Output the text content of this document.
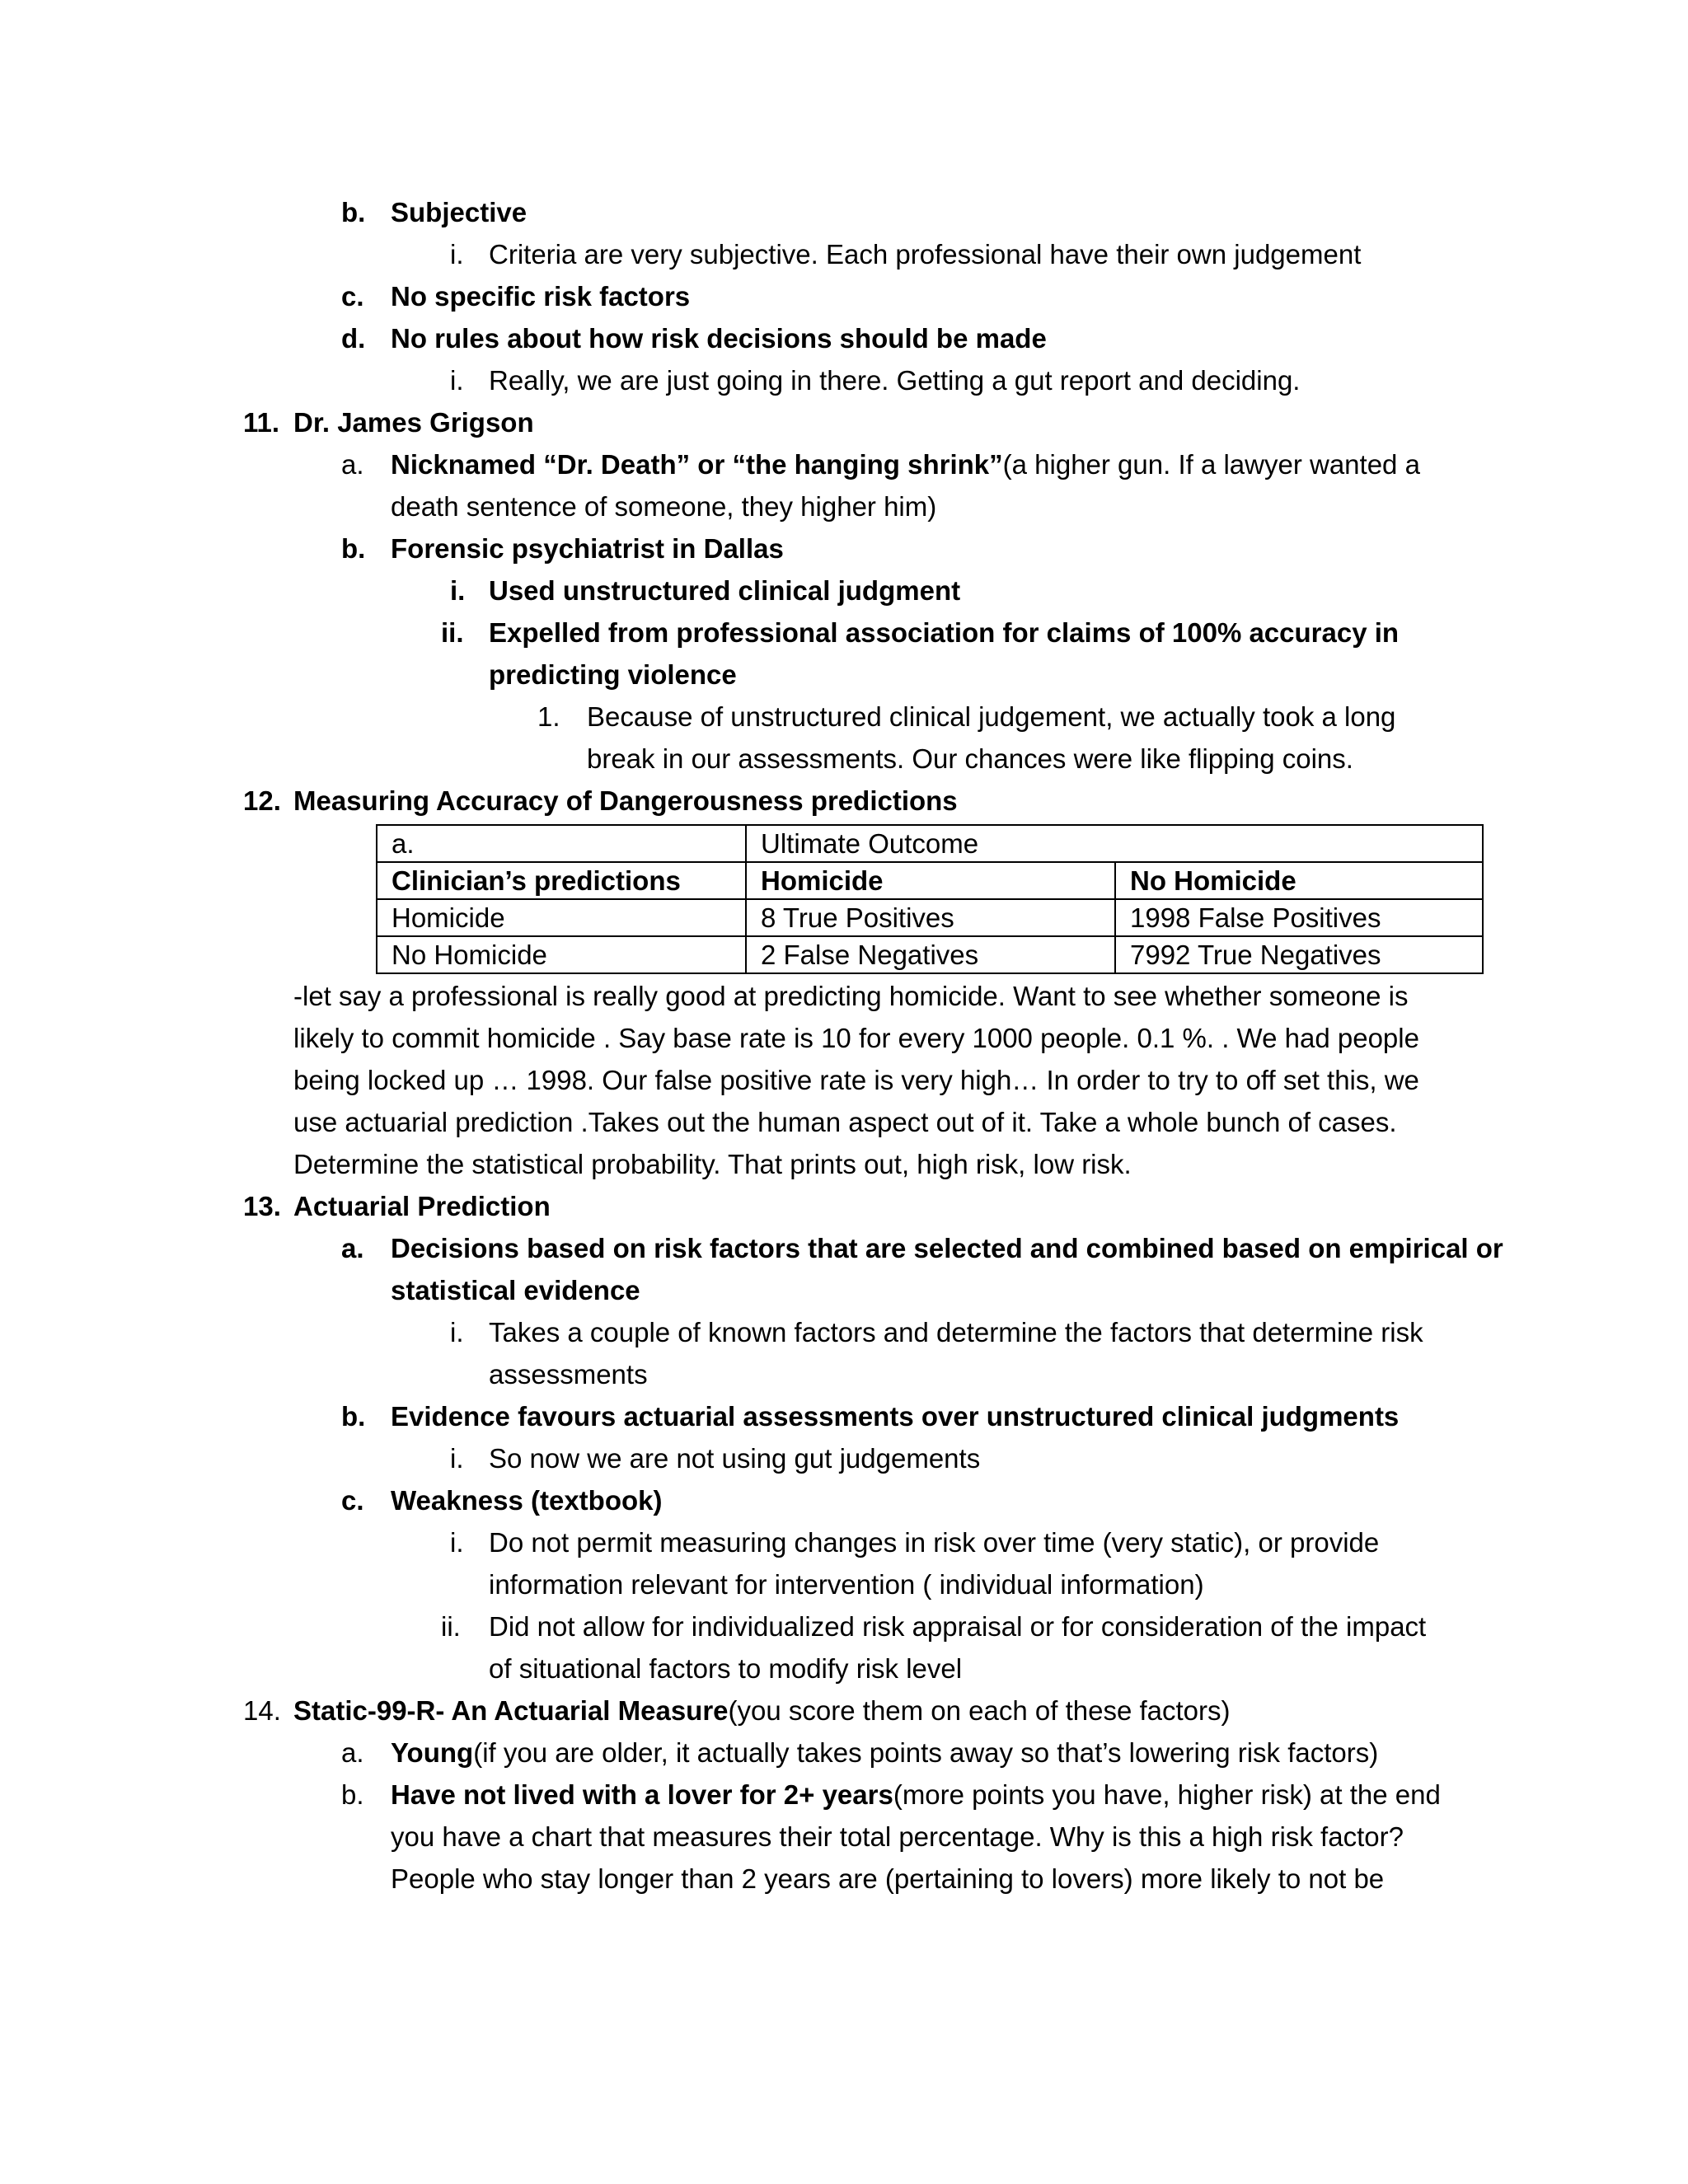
b. Subjective
i. Criteria are very subjective. Each professional have their own judgement
c. No specific risk factors
d. No rules about how risk decisions should be made
i. Really, we are just going in there. Getting a gut report and deciding.
11. Dr. James Grigson
a. Nicknamed “Dr. Death” or “the hanging shrink”(a higher gun. If a lawyer wanted a
death sentence of someone, they higher him)
b. Forensic psychiatrist in Dallas
i. Used unstructured clinical judgment
ii. Expelled from professional association for claims of 100% accuracy in
predicting violence
1. Because of unstructured clinical judgement, we actually took a long
break in our assessments. Our chances were like flipping coins.
12. Measuring Accuracy of Dangerousness predictions
a.	Ultimate Outcome	
Clinician’s predictions	Homicide	No Homicide
Homicide	8 True Positives	1998 False Positives
No Homicide	2 False Negatives	7992 True Negatives
-let say a professional is really good at predicting homicide. Want to see whether someone is
likely to commit homicide . Say base rate is 10 for every 1000 people. 0.1 %. . We had people
being locked up … 1998. Our false positive rate is very high… In order to try to off set this, we
use actuarial prediction .Takes out the human aspect out of it. Take a whole bunch of cases.
Determine the statistical probability. That prints out, high risk, low risk.
13. Actuarial Prediction
a. Decisions based on risk factors that are selected and combined based on empirical or
statistical evidence
i. Takes a couple of known factors and determine the factors that determine risk
assessments
b. Evidence favours actuarial assessments over unstructured clinical judgments
i. So now we are not using gut judgements
c. Weakness (textbook)
i. Do not permit measuring changes in risk over time (very static), or provide
information relevant for intervention ( individual information)
ii. Did not allow for individualized risk appraisal or for consideration of the impact
of situational factors to modify risk level
14. Static-99-R- An Actuarial Measure(you score them on each of these factors)
a. Young(if you are older, it actually takes points away so that’s lowering risk factors)
b. Have not lived with a lover for 2+ years(more points you have, higher risk) at the end
you have a chart that measures their total percentage. Why is this a high risk factor?
People who stay longer than 2 years are (pertaining to lovers) more likely to not be
